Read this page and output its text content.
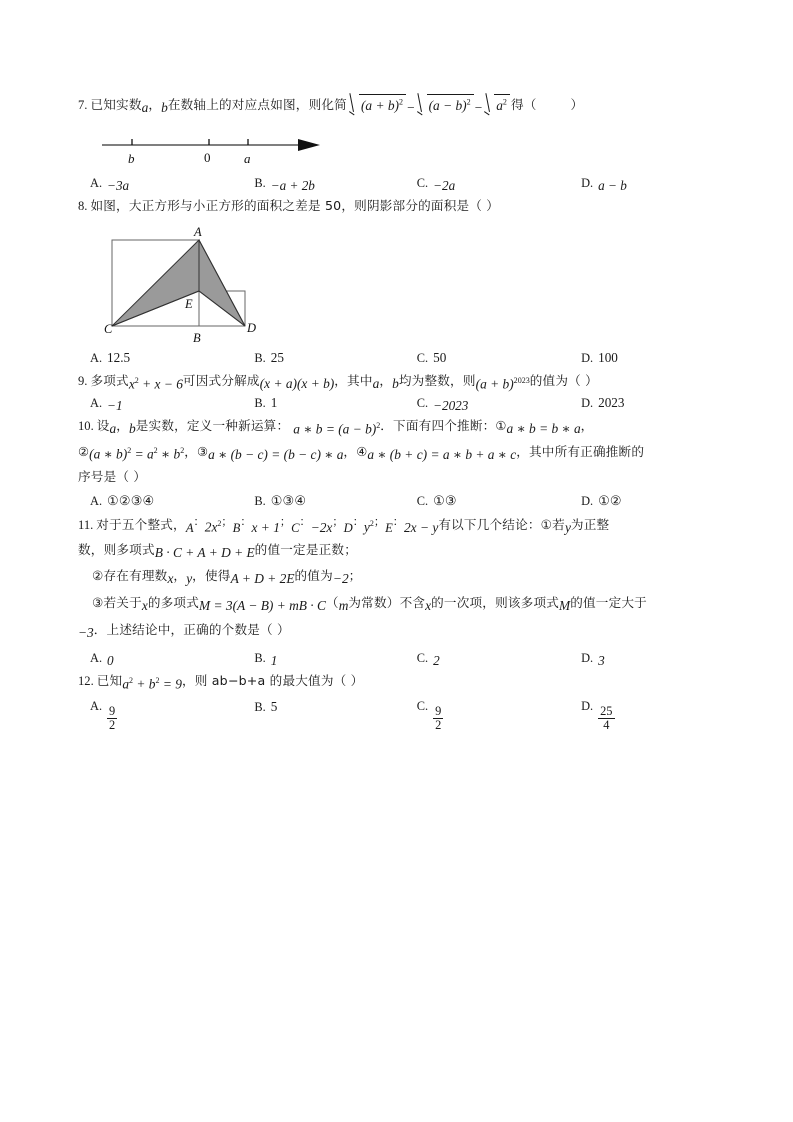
7. 已知实数 a ， b 在数轴上的对应点如图，则化简 $(a + b)^2 - (a - b)^2 - a^2$ 得（	）
b	0	a
A. −3a	B. −a + 2b	C. −2a	D. a − b
8. 如图，大正方形与小正方形的面积之差是 50，则阴影部分的面积是（ ）
A
C
B
D
E
A. 12.5	B. 25	C. 50	D. 100
9. 多项式 $x^2 + x - 6$ 可因式分解成 (x + a)(x + b) ，其中 a ， b 均为整数，则 $(a + b)^{2023}$ 的值为（ ）
A. −1	B. 1	C. −2023	D. 2023
10. 设 a ， b 是实数，定义一种新运算： a ∗ $b = (a - b)^2$ ．下面有四个推断： ① a ∗ b = b ∗ a ，
② (a ∗ $b)^2 = a^2$ ∗ $b^2$ ， ③ a ∗ (b − c) = (b − c) ∗ a ， ④ a ∗ (b + c) = a ∗ b + a ∗ c ，其中所有正确推断的
序号是（ ）
A. ①②③④	B. ①③④	C. ①③	D. ①②
11. 对于五个整式， A ： $2x^2$ ； B ： x + 1 ； C ： −2x ； D ： $y^2$ ； E ： 2x − y 有以下几个结论： ①若 y 为正整
数，则多项式 B · C + A + D + E 的值一定是正数；
②存在有理数 x ， y ，使得 A + D + 2E 的值为 −2 ；
③若关于 x 的多项式 M = 3(A − B) + mB · C （ m 为常数）不含 x 的一次项，则该多项式 M 的值一定大于
−3 ．上述结论中，正确的个数是（ ）
A. 0	B. 1	C. 2	D. 3
12. 已知 $a^2 + b^2 = 9$ ，则 ab−b+a 的最大值为（ ）
A. $\frac{9}{2}$	B. 5	C. $\frac{9}{2}$	D. $\frac{25}{4}$
